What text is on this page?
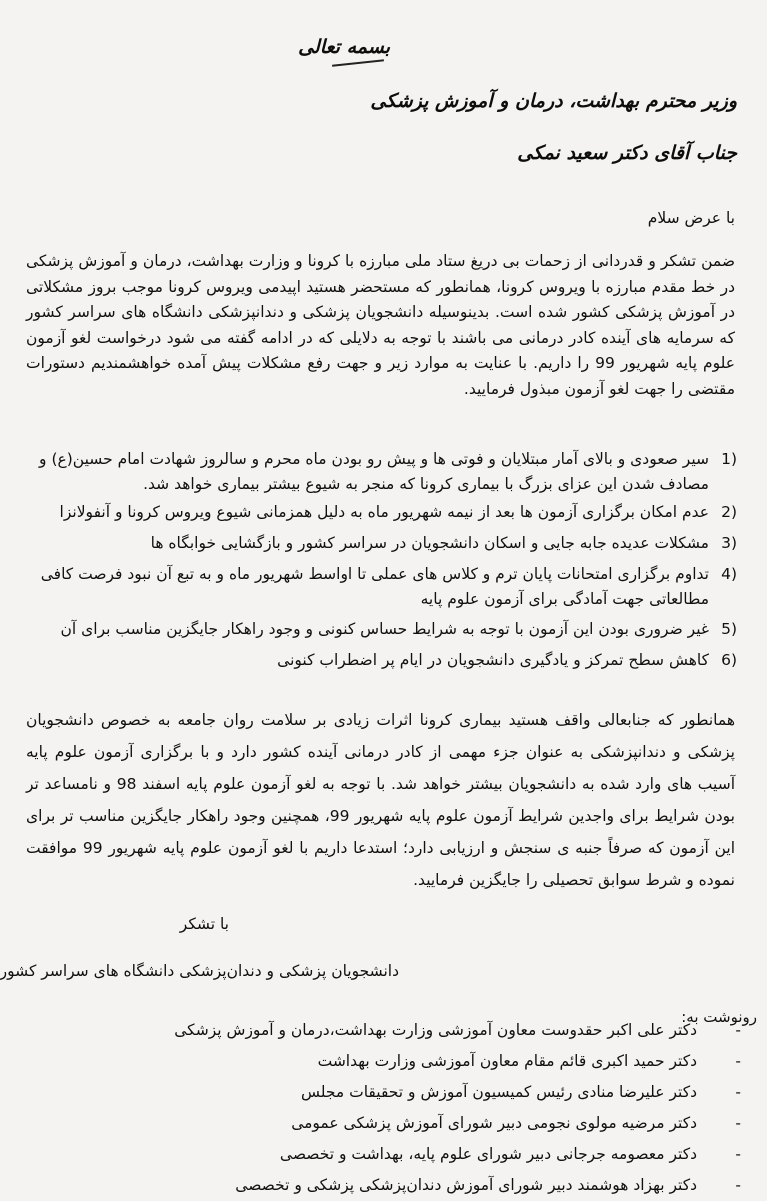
بسمه تعالی
وزیر محترم بهداشت، درمان و آموزش پزشکی
جناب آقای دکتر سعید نمکی
با عرض سلام
ضمن تشکر و قدردانی از زحمات بی دریغ ستاد ملی مبارزه با کرونا و وزارت بهداشت، درمان و آموزش پزشکی در خط مقدم مبارزه با ویروس کرونا، همانطور که مستحضر هستید اپیدمی ویروس کرونا موجب بروز مشکلاتی در آموزش پزشکی کشور شده است. بدینوسیله دانشجویان پزشکی و دندانپزشکی دانشگاه های سراسر کشور که سرمایه های آینده کادر درمانی می باشند با توجه به دلایلی که در ادامه گفته می شود درخواست لغو آزمون علوم پایه شهریور 99 را داریم. با عنایت به موارد زیر و جهت رفع مشکلات پیش آمده خواهشمندیم دستورات مقتضی را جهت لغو آزمون مبذول فرمایید.
1)
سیر صعودی و بالای آمار مبتلایان و فوتی ها و پیش رو بودن ماه محرم و سالروز شهادت امام حسین(ع) و مصادف شدن این عزای بزرگ با بیماری کرونا که منجر به شیوع بیشتر بیماری خواهد شد.
2)
عدم امکان برگزاری آزمون ها بعد از نیمه شهریور ماه به دلیل همزمانی شیوع ویروس کرونا و آنفولانزا
3)
مشکلات عدیده جابه جایی و اسکان دانشجویان در سراسر کشور و بازگشایی خوابگاه ها
4)
تداوم برگزاری امتحانات پایان ترم و کلاس های عملی تا اواسط شهریور ماه و به تبع آن نبود فرصت کافی مطالعاتی جهت آمادگی برای آزمون علوم پایه
5)
غیر ضروری بودن این آزمون با توجه به شرایط حساس کنونی و وجود راهکار جایگزین مناسب برای آن
6)
کاهش سطح تمرکز و یادگیری دانشجویان در ایام پر اضطراب کنونی
همانطور که جنابعالی واقف هستید بیماری کرونا اثرات زیادی بر سلامت روان جامعه به خصوص دانشجویان پزشکی و دندانپزشکی به عنوان جزء مهمی از کادر درمانی آینده کشور دارد و با برگزاری آزمون علوم پایه آسیب های وارد شده به دانشجویان بیشتر خواهد شد. با توجه به لغو آزمون علوم پایه اسفند 98 و نامساعد تر بودن شرایط برای واجدین شرایط آزمون علوم پایه شهریور 99، همچنین وجود راهکار جایگزین مناسب تر برای این آزمون که صرفاً جنبه ی سنجش و ارزیابی دارد؛ استدعا داریم با لغو آزمون علوم پایه شهریور 99 موافقت نموده و شرط سوابق تحصیلی را جایگزین فرمایید.
با تشکر
دانشجویان پزشکی و دندان‌پزشکی دانشگاه های سراسر کشور
رونوشت به:
-
دکتر علی اکبر حقدوست معاون آموزشی وزارت بهداشت،درمان و آموزش پزشکی
-
دکتر حمید اکبری قائم مقام معاون آموزشی وزارت بهداشت
-
دکتر علیرضا منادی رئیس کمیسیون آموزش و تحقیقات مجلس
-
دکتر مرضیه مولوی نجومی دبیر شورای آموزش پزشکی عمومی
-
دکتر معصومه جرجانی دبیر شورای علوم پایه، بهداشت و تخصصی
-
دکتر بهزاد هوشمند دبیر شورای آموزش دندان‌پزشکی پزشکی و تخصصی
